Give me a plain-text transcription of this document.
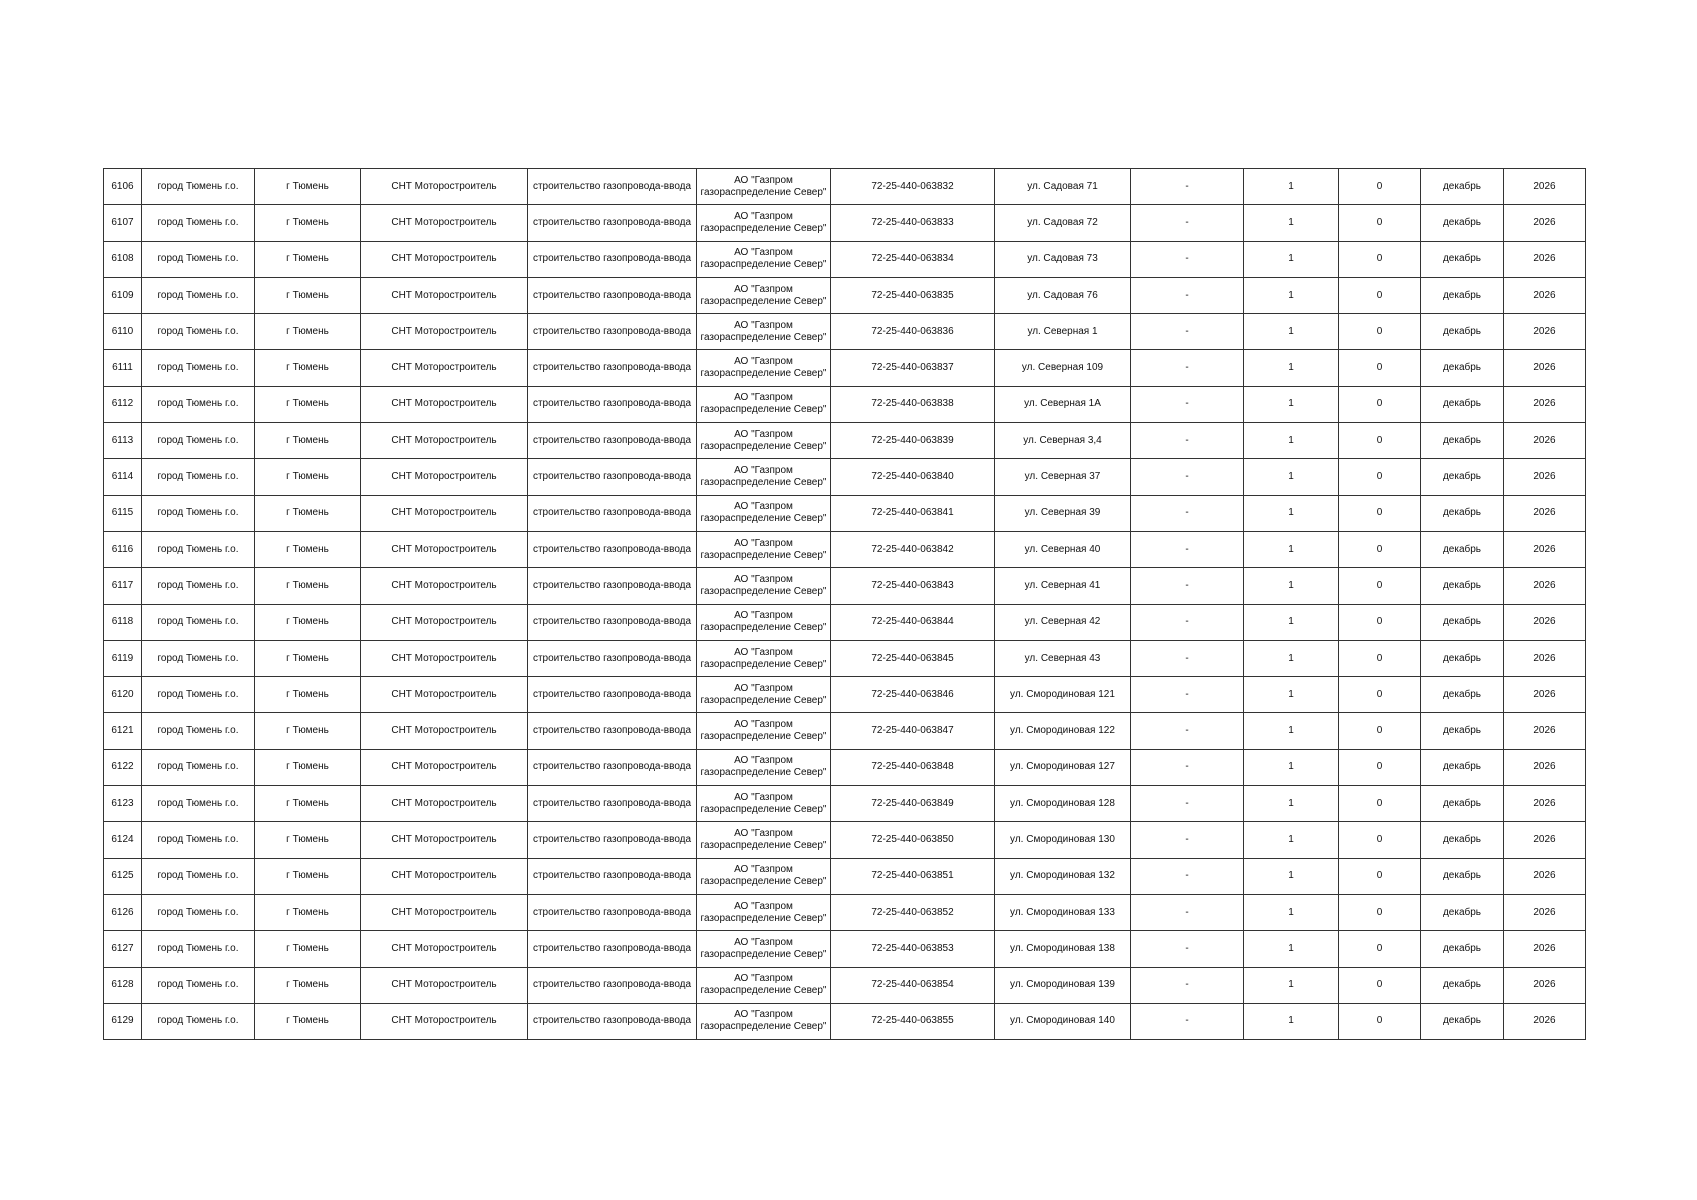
6106	город Тюмень г.о.	г Тюмень	СНТ Моторостроитель	строительство газопровода-ввода	АО "Газпром
газораспределение Север"	72-25-440-063832	ул. Садовая 71	-	1	0	декабрь	2026
6107	город Тюмень г.о.	г Тюмень	СНТ Моторостроитель	строительство газопровода-ввода	АО "Газпром
газораспределение Север"	72-25-440-063833	ул. Садовая 72	-	1	0	декабрь	2026
6108	город Тюмень г.о.	г Тюмень	СНТ Моторостроитель	строительство газопровода-ввода	АО "Газпром
газораспределение Север"	72-25-440-063834	ул. Садовая 73	-	1	0	декабрь	2026
6109	город Тюмень г.о.	г Тюмень	СНТ Моторостроитель	строительство газопровода-ввода	АО "Газпром
газораспределение Север"	72-25-440-063835	ул. Садовая 76	-	1	0	декабрь	2026
6110	город Тюмень г.о.	г Тюмень	СНТ Моторостроитель	строительство газопровода-ввода	АО "Газпром
газораспределение Север"	72-25-440-063836	ул. Северная 1	-	1	0	декабрь	2026
6111	город Тюмень г.о.	г Тюмень	СНТ Моторостроитель	строительство газопровода-ввода	АО "Газпром
газораспределение Север"	72-25-440-063837	ул. Северная 109	-	1	0	декабрь	2026
6112	город Тюмень г.о.	г Тюмень	СНТ Моторостроитель	строительство газопровода-ввода	АО "Газпром
газораспределение Север"	72-25-440-063838	ул. Северная 1А	-	1	0	декабрь	2026
6113	город Тюмень г.о.	г Тюмень	СНТ Моторостроитель	строительство газопровода-ввода	АО "Газпром
газораспределение Север"	72-25-440-063839	ул. Северная 3,4	-	1	0	декабрь	2026
6114	город Тюмень г.о.	г Тюмень	СНТ Моторостроитель	строительство газопровода-ввода	АО "Газпром
газораспределение Север"	72-25-440-063840	ул. Северная 37	-	1	0	декабрь	2026
6115	город Тюмень г.о.	г Тюмень	СНТ Моторостроитель	строительство газопровода-ввода	АО "Газпром
газораспределение Север"	72-25-440-063841	ул. Северная 39	-	1	0	декабрь	2026
6116	город Тюмень г.о.	г Тюмень	СНТ Моторостроитель	строительство газопровода-ввода	АО "Газпром
газораспределение Север"	72-25-440-063842	ул. Северная 40	-	1	0	декабрь	2026
6117	город Тюмень г.о.	г Тюмень	СНТ Моторостроитель	строительство газопровода-ввода	АО "Газпром
газораспределение Север"	72-25-440-063843	ул. Северная 41	-	1	0	декабрь	2026
6118	город Тюмень г.о.	г Тюмень	СНТ Моторостроитель	строительство газопровода-ввода	АО "Газпром
газораспределение Север"	72-25-440-063844	ул. Северная 42	-	1	0	декабрь	2026
6119	город Тюмень г.о.	г Тюмень	СНТ Моторостроитель	строительство газопровода-ввода	АО "Газпром
газораспределение Север"	72-25-440-063845	ул. Северная 43	-	1	0	декабрь	2026
6120	город Тюмень г.о.	г Тюмень	СНТ Моторостроитель	строительство газопровода-ввода	АО "Газпром
газораспределение Север"	72-25-440-063846	ул. Смородиновая 121	-	1	0	декабрь	2026
6121	город Тюмень г.о.	г Тюмень	СНТ Моторостроитель	строительство газопровода-ввода	АО "Газпром
газораспределение Север"	72-25-440-063847	ул. Смородиновая 122	-	1	0	декабрь	2026
6122	город Тюмень г.о.	г Тюмень	СНТ Моторостроитель	строительство газопровода-ввода	АО "Газпром
газораспределение Север"	72-25-440-063848	ул. Смородиновая 127	-	1	0	декабрь	2026
6123	город Тюмень г.о.	г Тюмень	СНТ Моторостроитель	строительство газопровода-ввода	АО "Газпром
газораспределение Север"	72-25-440-063849	ул. Смородиновая 128	-	1	0	декабрь	2026
6124	город Тюмень г.о.	г Тюмень	СНТ Моторостроитель	строительство газопровода-ввода	АО "Газпром
газораспределение Север"	72-25-440-063850	ул. Смородиновая 130	-	1	0	декабрь	2026
6125	город Тюмень г.о.	г Тюмень	СНТ Моторостроитель	строительство газопровода-ввода	АО "Газпром
газораспределение Север"	72-25-440-063851	ул. Смородиновая 132	-	1	0	декабрь	2026
6126	город Тюмень г.о.	г Тюмень	СНТ Моторостроитель	строительство газопровода-ввода	АО "Газпром
газораспределение Север"	72-25-440-063852	ул. Смородиновая 133	-	1	0	декабрь	2026
6127	город Тюмень г.о.	г Тюмень	СНТ Моторостроитель	строительство газопровода-ввода	АО "Газпром
газораспределение Север"	72-25-440-063853	ул. Смородиновая 138	-	1	0	декабрь	2026
6128	город Тюмень г.о.	г Тюмень	СНТ Моторостроитель	строительство газопровода-ввода	АО "Газпром
газораспределение Север"	72-25-440-063854	ул. Смородиновая 139	-	1	0	декабрь	2026
6129	город Тюмень г.о.	г Тюмень	СНТ Моторостроитель	строительство газопровода-ввода	АО "Газпром
газораспределение Север"	72-25-440-063855	ул. Смородиновая 140	-	1	0	декабрь	2026
